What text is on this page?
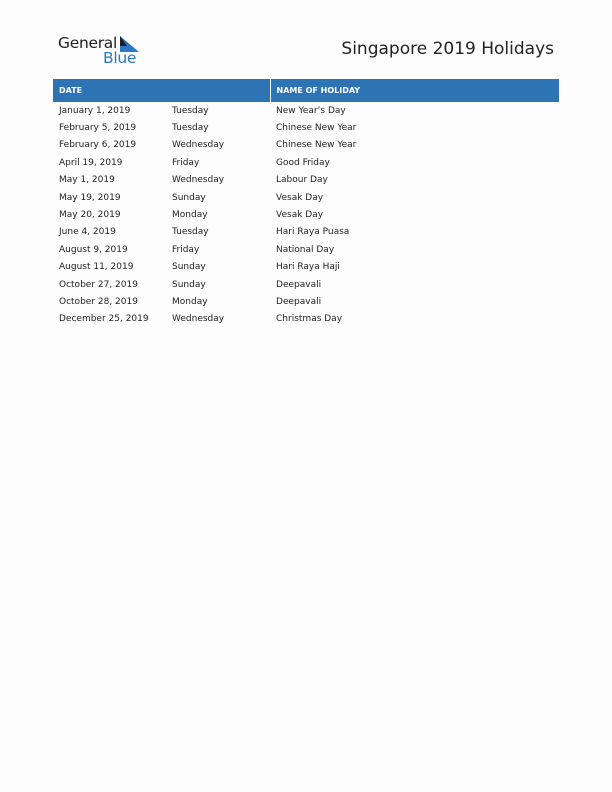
General
Blue	Singapore 2019 Holidays
DATE		NAME OF HOLIDAY
January 1, 2019	Tuesday	New Year’s Day
February 5, 2019	Tuesday	Chinese New Year
February 6, 2019	Wednesday	Chinese New Year
April 19, 2019	Friday	Good Friday
May 1, 2019	Wednesday	Labour Day
May 19, 2019	Sunday	Vesak Day
May 20, 2019	Monday	Vesak Day
June 4, 2019	Tuesday	Hari Raya Puasa
August 9, 2019	Friday	National Day
August 11, 2019	Sunday	Hari Raya Haji
October 27, 2019	Sunday	Deepavali
October 28, 2019	Monday	Deepavali
December 25, 2019	Wednesday	Christmas Day
